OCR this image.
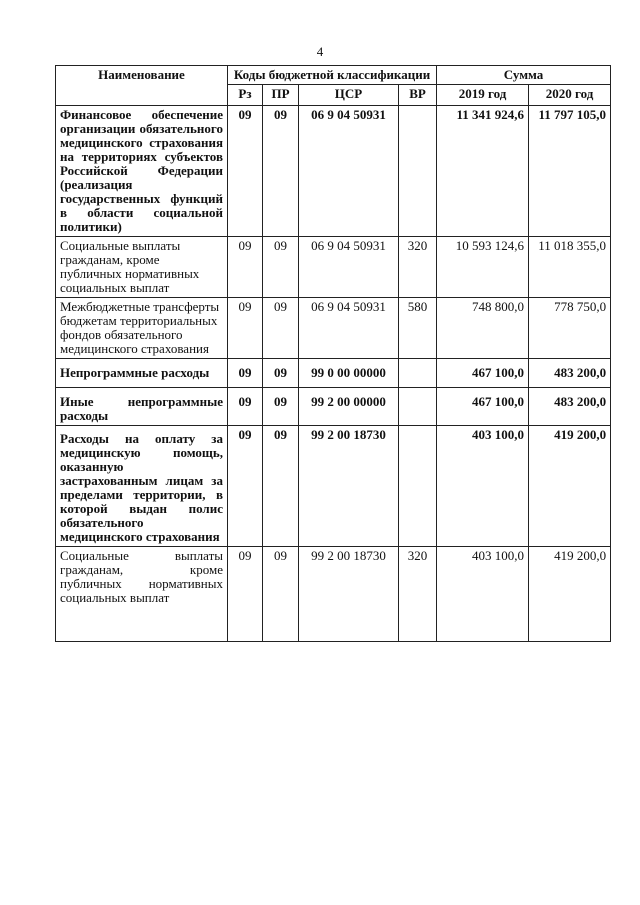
4
Наименование	Коды бюджетной классификации				Сумма	
	Рз	ПР	ЦСР	ВР	2019 год	2020 год
Финансовое обеспечение организации обязательного медицинского страхования на территориях субъектов Российской Федерации (реализация государственных функций в области социальной политики)	09	09	06 9 04 50931		11 341 924,6	11 797 105,0
Социальные выплаты гражданам, кроме публичных нормативных социальных выплат	09	09	06 9 04 50931	320	10 593 124,6	11 018 355,0
Межбюджетные трансферты бюджетам территориальных фондов обязательного медицинского страхования	09	09	06 9 04 50931	580	748 800,0	778 750,0
Непрограммные расходы	09	09	99 0 00 00000		467 100,0	483 200,0
Иные непрограммные расходы	09	09	99 2 00 00000		467 100,0	483 200,0
Расходы на оплату за медицинскую помощь, оказанную застрахованным лицам за пределами территории, в которой выдан полис обязательного медицинского страхования	09	09	99 2 00 18730		403 100,0	419 200,0
Социальные выплаты гражданам, кроме публичных нормативных социальных выплат	09	09	99 2 00 18730	320	403 100,0	419 200,0
